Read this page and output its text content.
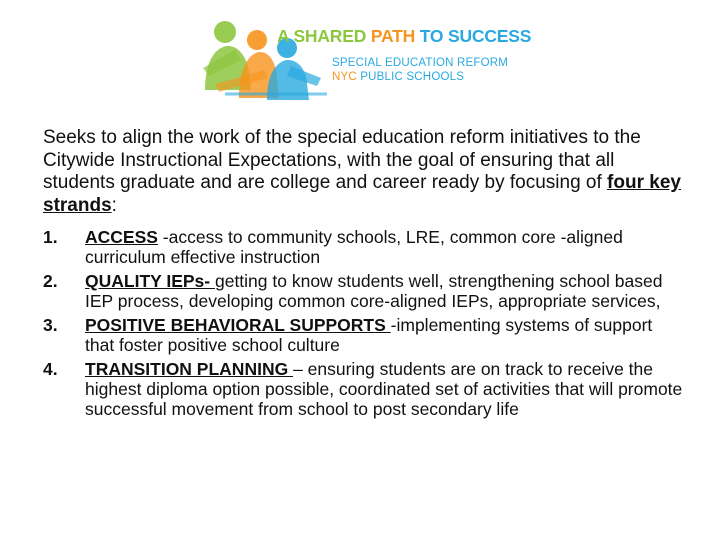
A SHARED PATH TO SUCCESS
SPECIAL EDUCATION REFORM
NYC PUBLIC SCHOOLS

Seeks to align the work of the special education reform initiatives to the Citywide Instructional Expectations, with the goal of ensuring that all students graduate and are college and career ready by focusing of four key strands:

1. ACCESS -access to community schools, LRE, common core -aligned curriculum effective instruction
2. QUALITY IEPs- getting to know students well, strengthening school based IEP process, developing common core-aligned IEPs, appropriate services,
3. POSITIVE BEHAVIORAL SUPPORTS -implementing systems of support that foster positive school culture
4. TRANSITION PLANNING – ensuring students are on track to receive the highest diploma option possible, coordinated set of activities that will promote successful movement from school to post secondary life
